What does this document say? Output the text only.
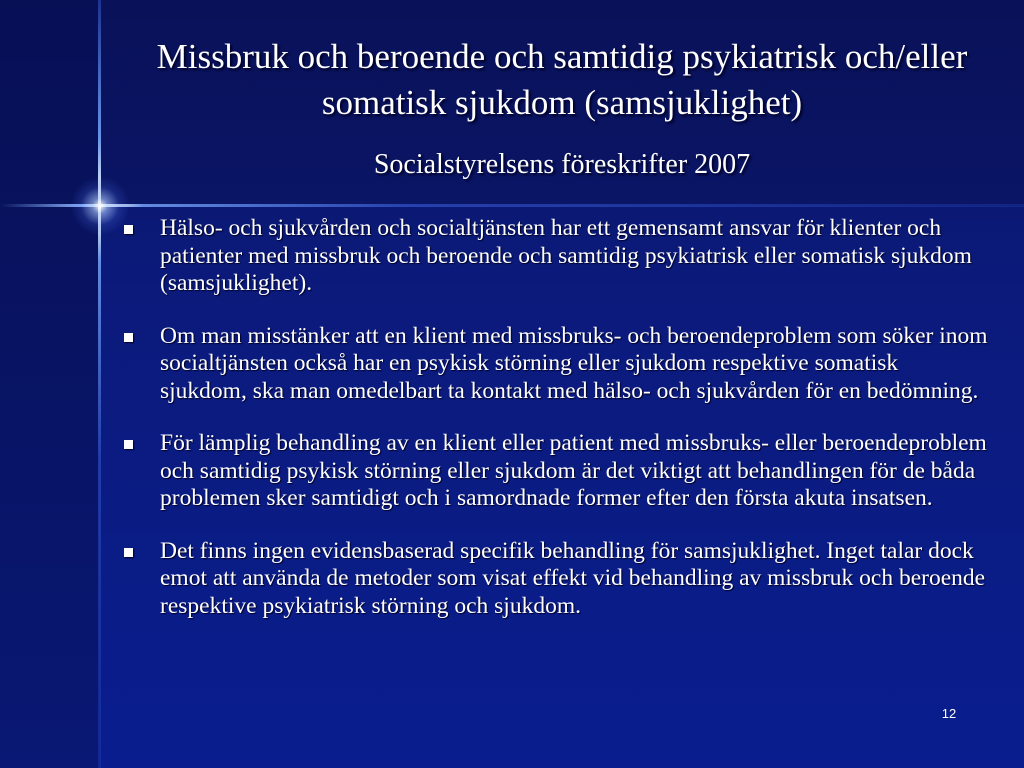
Missbruk och beroende och samtidig psykiatrisk och/eller somatisk sjukdom (samsjuklighet)
Socialstyrelsens föreskrifter 2007
Hälso- och sjukvården och socialtjänsten har ett gemensamt ansvar för klienter och patienter med missbruk och beroende och samtidig psykiatrisk eller somatisk sjukdom (samsjuklighet).
Om man misstänker att en klient med missbruks- och beroendeproblem som söker inom socialtjänsten också har en psykisk störning eller sjukdom respektive somatisk sjukdom, ska man omedelbart ta kontakt med hälso- och sjukvården för en bedömning.
För lämplig behandling av en klient eller patient med missbruks- eller beroendeproblem och samtidig psykisk störning eller sjukdom är det viktigt att behandlingen för de båda problemen sker samtidigt och i samordnade former efter den första akuta insatsen.
Det finns ingen evidensbaserad specifik behandling för samsjuklighet. Inget talar dock emot att använda de metoder som visat effekt vid behandling av missbruk och beroende respektive psykiatrisk störning och sjukdom.
12
